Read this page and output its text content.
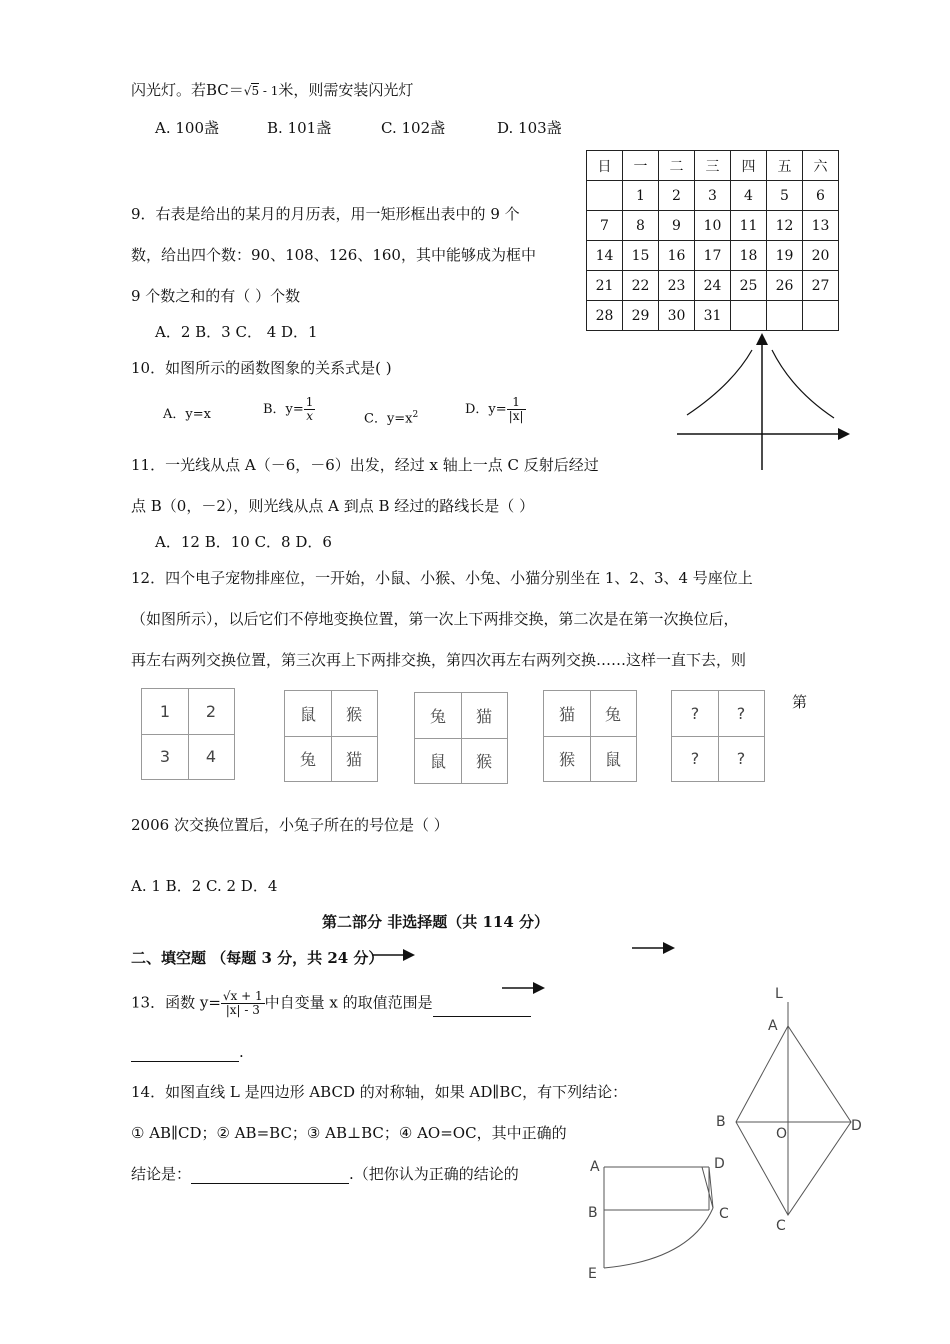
闪光灯。若BC＝√5 - 1米，则需安装闪光灯
A. 100盏	B. 101盏	C. 102盏	D. 103盏
日	一	二	三	四	五	六
	1	2	3	4	5	6
7	8	9	10	11	12	13
14	15	16	17	18	19	20
21	22	23	24	25	26	27
28	29	30	31			
9．右表是给出的某月的月历表，用一矩形框出表中的 9 个
数，给出四个数：90、108、126、160，其中能够成为框中
9 个数之和的有（ ）个数
A．2 B．3 C． 4 D．1
10．如图所示的函数图象的关系式是( )
A．y=x	B．$y= \frac{1}{x}$	C．$y=x^2$	D．$y= \frac{1}{|x|}$
11．一光线从点 A（－6，－6）出发，经过 x 轴上一点 C 反射后经过
点 B（0，－2），则光线从点 A 到点 B 经过的路线长是（ ）
A．12 B．10 C．8 D．6
12．四个电子宠物排座位，一开始，小鼠、小猴、小兔、小猫分别坐在 1、2、3、4 号座位上
（如图所示），以后它们不停地变换位置，第一次上下两排交换，第二次是在第一次换位后，
再左右两列交换位置，第三次再上下两排交换，第四次再左右两列交换……这样一直下去，则
第
1	2
3	4
鼠	猴
兔	猫
兔	猫
鼠	猴
猫	兔
猴	鼠
?	?
?	?
2006 次交换位置后，小兔子所在的号位是（ ）
A. 1 B．2 C. 2 D．4
第二部分 非选择题（共 114 分）
二、填空题 （每题 3 分，共 24 分）
13．函数 $y= \frac{√x + 1}{|x| - 3}$ 中自变量 x 的取值范围是
.
14．如图直线 L 是四边形 ABCD 的对称轴，如果 AD∥BC，有下列结论：
① AB∥CD；② AB=BC；③ AB⊥BC；④ AO=OC，其中正确的
结论是：	.（把你认为正确的结论的
L
A
B
O	D
C
A
B
D
C
E
